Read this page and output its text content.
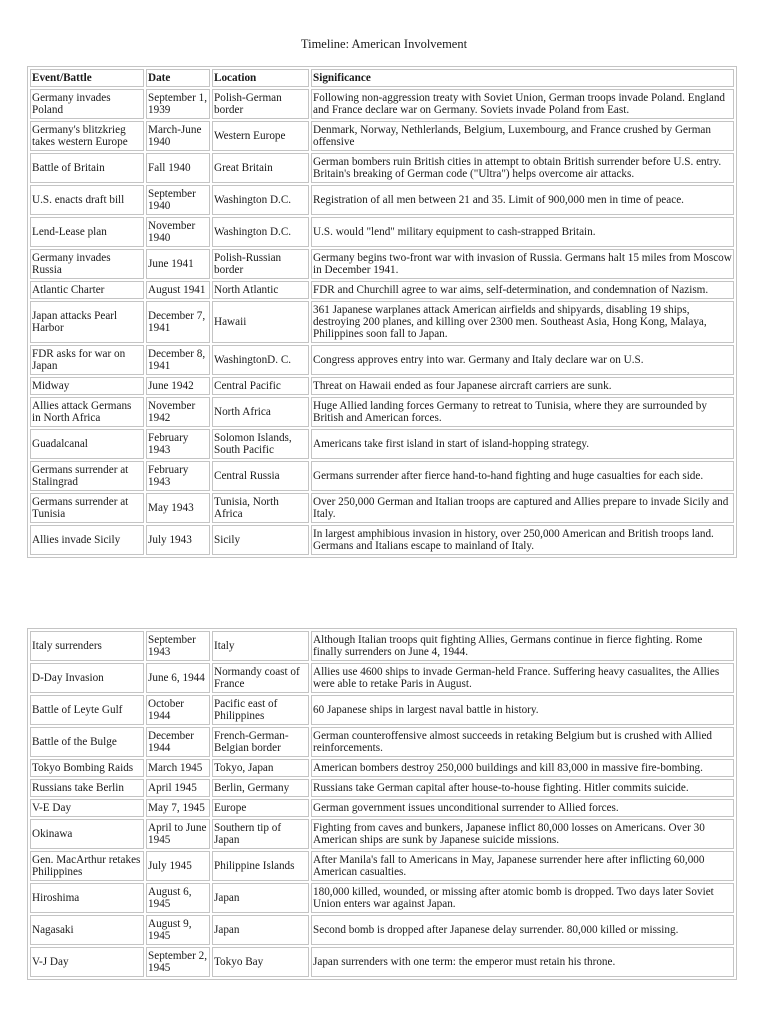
Timeline: American Involvement
Event/Battle	Date	Location	Significance
Germany invades Poland	September 1, 1939	Polish-German border	Following non-aggression treaty with Soviet Union, German troops invade Poland. England and France declare war on Germany. Soviets invade Poland from East.
Germany's blitzkrieg takes western Europe	March-June 1940	Western Europe	Denmark, Norway, Nethlerlands, Belgium, Luxembourg, and France crushed by German offensive
Battle of Britain	Fall 1940	Great Britain	German bombers ruin British cities in attempt to obtain British surrender before U.S. entry. Britain's breaking of German code ("Ultra") helps overcome air attacks.
U.S. enacts draft bill	September 1940	Washington D.C.	Registration of all men between 21 and 35. Limit of 900,000 men in time of peace.
Lend-Lease plan	November 1940	Washington D.C.	U.S. would "lend" military equipment to cash-strapped Britain.
Germany invades Russia	June 1941	Polish-Russian border	Germany begins two-front war with invasion of Russia. Germans halt 15 miles from Moscow in December 1941.
Atlantic Charter	August 1941	North Atlantic	FDR and Churchill agree to war aims, self-determination, and condemnation of Nazism.
Japan attacks Pearl Harbor	December 7, 1941	Hawaii	361 Japanese warplanes attack American airfields and shipyards, disabling 19 ships, destroying 200 planes, and killing over 2300 men. Southeast Asia, Hong Kong, Malaya, Philippines soon fall to Japan.
FDR asks for war on Japan	December 8, 1941	WashingtonD. C.	Congress approves entry into war. Germany and Italy declare war on U.S.
Midway	June 1942	Central Pacific	Threat on Hawaii ended as four Japanese aircraft carriers are sunk.
Allies attack Germans in North Africa	November 1942	North Africa	Huge Allied landing forces Germany to retreat to Tunisia, where they are surrounded by British and American forces.
Guadalcanal	February 1943	Solomon Islands, South Pacific	Americans take first island in start of island-hopping strategy.
Germans surrender at Stalingrad	February 1943	Central Russia	Germans surrender after fierce hand-to-hand fighting and huge casualties for each side.
Germans surrender at Tunisia	May 1943	Tunisia, North Africa	Over 250,000 German and Italian troops are captured and Allies prepare to invade Sicily and Italy.
Allies invade Sicily	July 1943	Sicily	In largest amphibious invasion in history, over 250,000 American and British troops land. Germans and Italians escape to mainland of Italy.
Italy surrenders	September 1943	Italy	Although Italian troops quit fighting Allies, Germans continue in fierce fighting. Rome finally surrenders on June 4, 1944.
D-Day Invasion	June 6, 1944	Normandy coast of France	Allies use 4600 ships to invade German-held France. Suffering heavy casualites, the Allies were able to retake Paris in August.
Battle of Leyte Gulf	October 1944	Pacific east of Philippines	60 Japanese ships in largest naval battle in history.
Battle of the Bulge	December 1944	French-German-Belgian border	German counteroffensive almost succeeds in retaking Belgium but is crushed with Allied reinforcements.
Tokyo Bombing Raids	March 1945	Tokyo, Japan	American bombers destroy 250,000 buildings and kill 83,000 in massive fire-bombing.
Russians take Berlin	April 1945	Berlin, Germany	Russians take German capital after house-to-house fighting. Hitler commits suicide.
V-E Day	May 7, 1945	Europe	German government issues unconditional surrender to Allied forces.
Okinawa	April to June 1945	Southern tip of Japan	Fighting from caves and bunkers, Japanese inflict 80,000 losses on Americans. Over 30 American ships are sunk by Japanese suicide missions.
Gen. MacArthur retakes Philippines	July 1945	Philippine Islands	After Manila's fall to Americans in May, Japanese surrender here after inflicting 60,000 American casualties.
Hiroshima	August 6, 1945	Japan	180,000 killed, wounded, or missing after atomic bomb is dropped. Two days later Soviet Union enters war against Japan.
Nagasaki	August 9, 1945	Japan	Second bomb is dropped after Japanese delay surrender. 80,000 killed or missing.
V-J Day	September 2, 1945	Tokyo Bay	Japan surrenders with one term: the emperor must retain his throne.
